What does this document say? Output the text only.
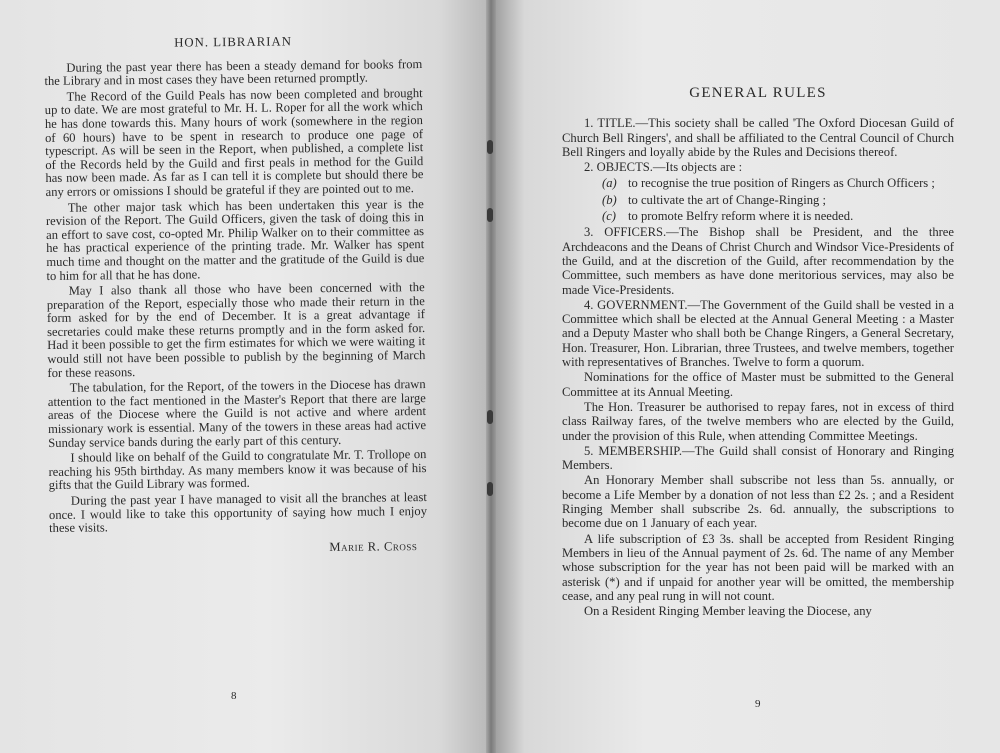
HON. LIBRARIAN

During the past year there has been a steady demand for books from the Library and in most cases they have been returned promptly.

The Record of the Guild Peals has now been completed and brought up to date. We are most grateful to Mr. H. L. Roper for all the work which he has done towards this. Many hours of work (somewhere in the region of 60 hours) have to be spent in research to produce one page of typescript. As will be seen in the Report, when published, a complete list of the Records held by the Guild and first peals in method for the Guild has now been made. As far as I can tell it is complete but should there be any errors or omissions I should be grateful if they are pointed out to me.

The other major task which has been undertaken this year is the revision of the Report. The Guild Officers, given the task of doing this in an effort to save cost, co-opted Mr. Philip Walker on to their committee as he has practical experience of the printing trade. Mr. Walker has spent much time and thought on the matter and the gratitude of the Guild is due to him for all that he has done.

May I also thank all those who have been concerned with the preparation of the Report, especially those who made their return in the form asked for by the end of December. It is a great advantage if secretaries could make these returns promptly and in the form asked for. Had it been possible to get the firm estimates for which we were waiting it would still not have been possible to publish by the beginning of March for these reasons.

The tabulation, for the Report, of the towers in the Diocese has drawn attention to the fact mentioned in the Master's Report that there are large areas of the Diocese where the Guild is not active and where ardent missionary work is essential. Many of the towers in these areas had active Sunday service bands during the early part of this century.

I should like on behalf of the Guild to congratulate Mr. T. Trollope on reaching his 95th birthday. As many members know it was because of his gifts that the Guild Library was formed.

During the past year I have managed to visit all the branches at least once. I would like to take this opportunity of saying how much I enjoy these visits.

Marie R. Cross
8
GENERAL RULES

1. TITLE.—This society shall be called 'The Oxford Diocesan Guild of Church Bell Ringers', and shall be affiliated to the Central Council of Church Bell Ringers and loyally abide by the Rules and Decisions thereof.

2. OBJECTS.—Its objects are :

(a) to recognise the true position of Ringers as Church Officers ;
(b) to cultivate the art of Change-Ringing ;
(c) to promote Belfry reform where it is needed.

3. OFFICERS.—The Bishop shall be President, and the three Archdeacons and the Deans of Christ Church and Windsor Vice-Presidents of the Guild, and at the discretion of the Guild, after recommendation by the Committee, such members as have done meritorious services, may also be made Vice-Presidents.

4. GOVERNMENT.—The Government of the Guild shall be vested in a Committee which shall be elected at the Annual General Meeting : a Master and a Deputy Master who shall both be Change Ringers, a General Secretary, Hon. Treasurer, Hon. Librarian, three Trustees, and twelve members, together with representatives of Branches. Twelve to form a quorum.

Nominations for the office of Master must be submitted to the General Committee at its Annual Meeting.

The Hon. Treasurer be authorised to repay fares, not in excess of third class Railway fares, of the twelve members who are elected by the Guild, under the provision of this Rule, when attending Committee Meetings.

5. MEMBERSHIP.—The Guild shall consist of Honorary and Ringing Members.

An Honorary Member shall subscribe not less than 5s. annually, or become a Life Member by a donation of not less than £2 2s. ; and a Resident Ringing Member shall subscribe 2s. 6d. annually, the subscriptions to become due on 1 January of each year.

A life subscription of £3 3s. shall be accepted from Resident Ringing Members in lieu of the Annual payment of 2s. 6d. The name of any Member whose subscription for the year has not been paid will be marked with an asterisk (*) and if unpaid for another year will be omitted, the membership cease, and any peal rung in will not count.

On a Resident Ringing Member leaving the Diocese, any

9
